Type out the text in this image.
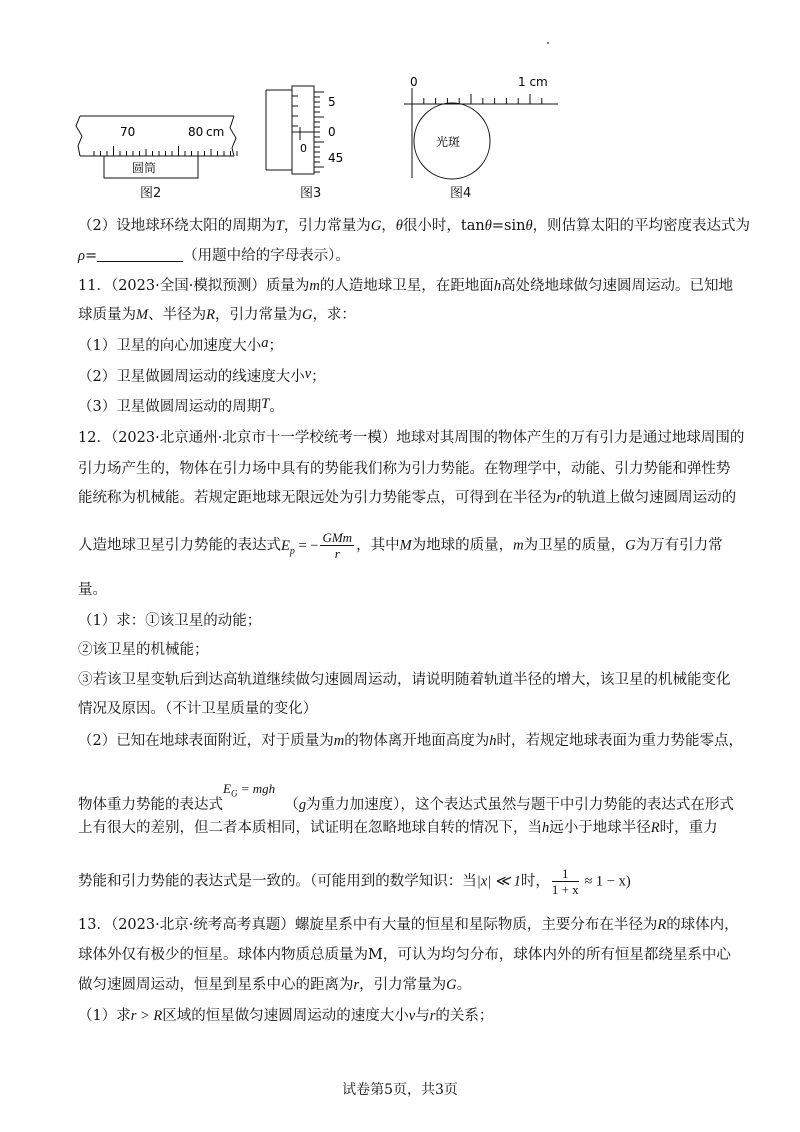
70	80 cm
圆筒
图2
0
5
0
45
图3
0	1 cm
光斑
图4
（2）设地球环绕太阳的周期为T，引力常量为G，θ很小时，tanθ=sinθ，则估算太阳的平均密度表达式为
ρ=	（用题中给的字母表示）。
11．（2023·全国·模拟预测）质量为m的人造地球卫星，在距地面h高处绕地球做匀速圆周运动。已知地
球质量为M、半径为R，引力常量为G，求：
（1）卫星的向心加速度大小a；
（2）卫星做圆周运动的线速度大小v；
（3）卫星做圆周运动的周期T。
12．（2023·北京通州·北京市十一学校统考一模）地球对其周围的物体产生的万有引力是通过地球周围的
引力场产生的，物体在引力场中具有的势能我们称为引力势能。在物理学中，动能、引力势能和弹性势
能统称为机械能。若规定距地球无限远处为引力势能零点，可得到在半径为r的轨道上做匀速圆周运动的
人造地球卫星引力势能的表达式$E_p$ = − $\frac{\text{GMm}}{r}$ ，其中M为地球的质量，m为卫星的质量，G为万有引力常
量。
（1）求：①该卫星的动能；
②该卫星的机械能；
③若该卫星变轨后到达高轨道继续做匀速圆周运动，请说明随着轨道半径的增大，该卫星的机械能变化
情况及原因。（不计卫星质量的变化）
（2）已知在地球表面附近，对于质量为m的物体离开地面高度为h时，若规定地球表面为重力势能零点，
物体重力势能的表达式$E_G$ = mgh  （g为重力加速度），这个表达式虽然与题干中引力势能的表达式在形式
上有很大的差别，但二者本质相同，试证明在忽略地球自转的情况下，当h远小于地球半径R时，重力
势能和引力势能的表达式是一致的。（可能用到的数学知识：当|x| ≪ 1时， $\frac{1}{1 + x} \approx 1 - x$)
13．（2023·北京·统考高考真题）螺旋星系中有大量的恒星和星际物质，主要分布在半径为R的球体内，
球体外仅有极少的恒星。球体内物质总质量为M，可认为均匀分布，球体内外的所有恒星都绕星系中心
做匀速圆周运动，恒星到星系中心的距离为r，引力常量为G。
（1）求r > R区域的恒星做匀速圆周运动的速度大小v与r的关系；
试卷第5页，共3页
